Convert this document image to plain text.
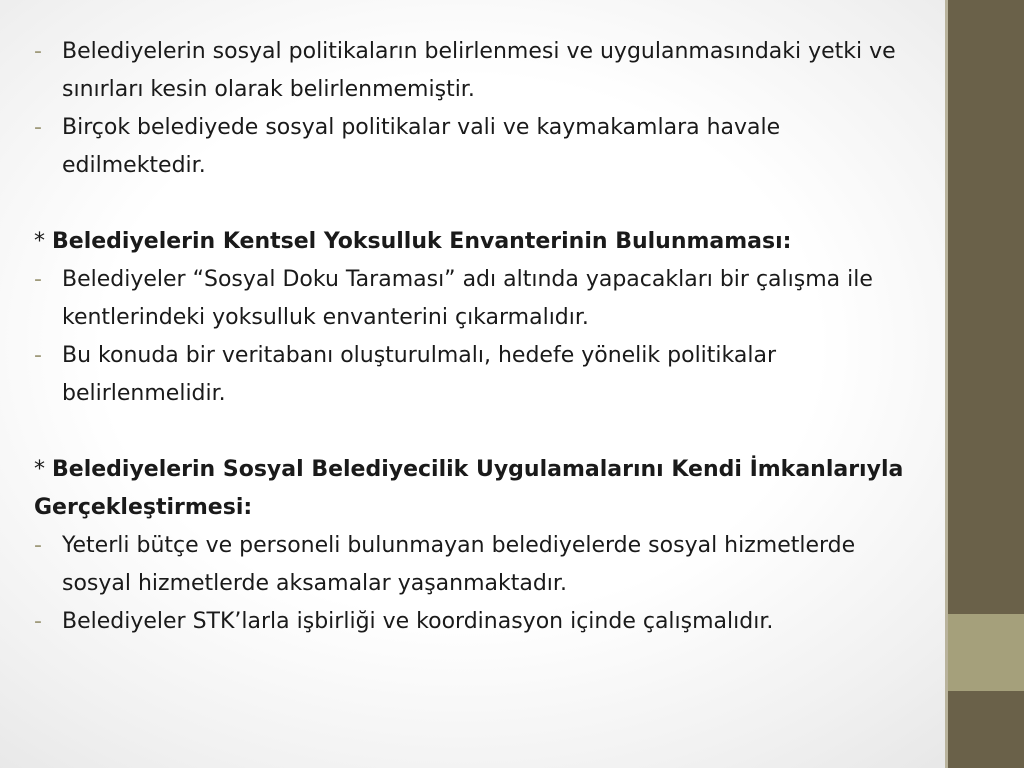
- Belediyelerin sosyal politikaların belirlenmesi ve uygulanmasındaki yetki ve sınırları kesin olarak belirlenmemiştir.
- Birçok belediyede sosyal politikalar vali ve kaymakamlara havale edilmektedir.
* Belediyelerin Kentsel Yoksulluk Envanterinin Bulunmaması:
- Belediyeler “Sosyal Doku Taraması” adı altında yapacakları bir çalışma ile kentlerindeki yoksulluk envanterini çıkarmalıdır.
- Bu konuda bir veritabanı oluşturulmalı, hedefe yönelik politikalar belirlenmelidir.
* Belediyelerin Sosyal Belediyecilik Uygulamalarını Kendi İmkanlarıyla Gerçekleştirmesi:
- Yeterli bütçe ve personeli bulunmayan belediyelerde sosyal hizmetlerde sosyal hizmetlerde aksamalar yaşanmaktadır.
- Belediyeler STK’larla işbirliği ve koordinasyon içinde çalışmalıdır.
